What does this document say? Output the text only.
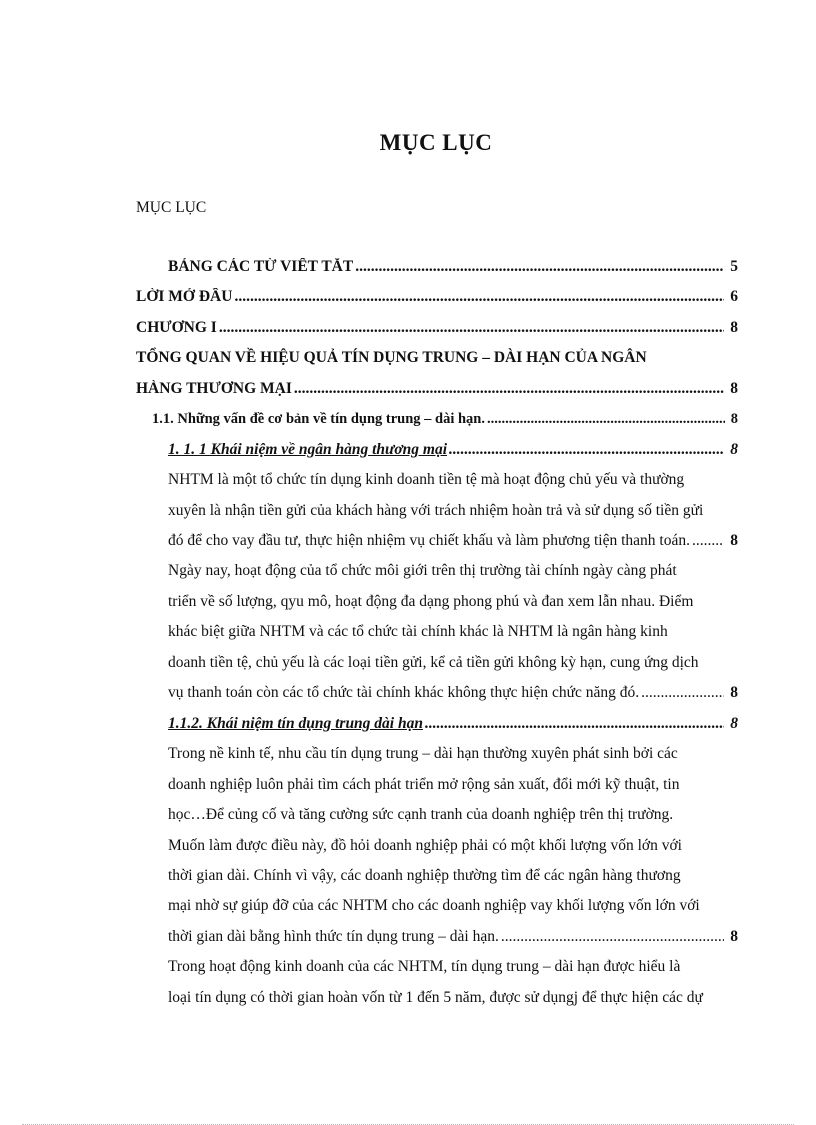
MỤC LỤC
MỤC LỤC
BẢNG CÁC TỪ VIẾT TẮT .....	5
LỜI MỞ ĐẦU .....	6
CHƯƠNG I .....	8
TỔNG QUAN VỀ HIỆU QUẢ TÍN DỤNG TRUNG – DÀI HẠN CỦA NGÂN
HÀNG THƯƠNG MẠI .....	8
1.1. Những vấn đề cơ bản về tín dụng trung – dài hạn. .....	8
1. 1. 1 Khái niệm về ngân hàng thương mại .....	8
NHTM là một tổ chức tín dụng kinh doanh tiền tệ mà hoạt động chủ yếu và thường
xuyên là nhận tiền gửi của khách hàng với trách nhiệm hoàn trả và sử dụng số tiền gửi
đó để cho vay đầu tư, thực hiện nhiệm vụ chiết khấu và làm phương tiện thanh toán. .....	8
Ngày nay, hoạt động của tổ chức môi giới trên thị trường tài chính ngày càng phát
triển về số lượng, qyu mô, hoạt động đa dạng phong phú và đan xem lẫn nhau. Điểm
khác biệt giữa NHTM và các tổ chức tài chính khác là NHTM là ngân hàng kinh
doanh tiền tệ, chủ yếu là các loại tiền gửi, kể cả tiền gửi không kỳ hạn, cung ứng dịch
vụ thanh toán còn các tổ chức tài chính khác không thực hiện chức năng đó. .....	8
1.1.2. Khái niệm tín dụng trung dài hạn .....	8
Trong nề kinh tế, nhu cầu tín dụng trung – dài hạn thường xuyên phát sinh bởi các
doanh nghiệp luôn phải tìm cách phát triển mở rộng sản xuất, đổi mới kỹ thuật, tin
học…Để củng cố và tăng cường sức cạnh tranh của doanh nghiệp trên thị trường.
Muốn làm được điều này, đồ hỏi doanh nghiệp phải có một khối lượng vốn lớn với
thời gian dài. Chính vì vậy, các doanh nghiệp thường tìm để các ngân hàng thương
mại nhờ sự giúp đỡ của các NHTM cho các doanh nghiệp vay khối lượng vốn lớn với
thời gian dài bằng hình thức tín dụng trung – dài hạn. .....	8
Trong hoạt động kinh doanh của các NHTM, tín dụng trung – dài hạn được hiểu là
loại tín dụng có thời gian hoàn vốn từ 1 đến 5 năm, được sử dụngj để thực hiện các dự
